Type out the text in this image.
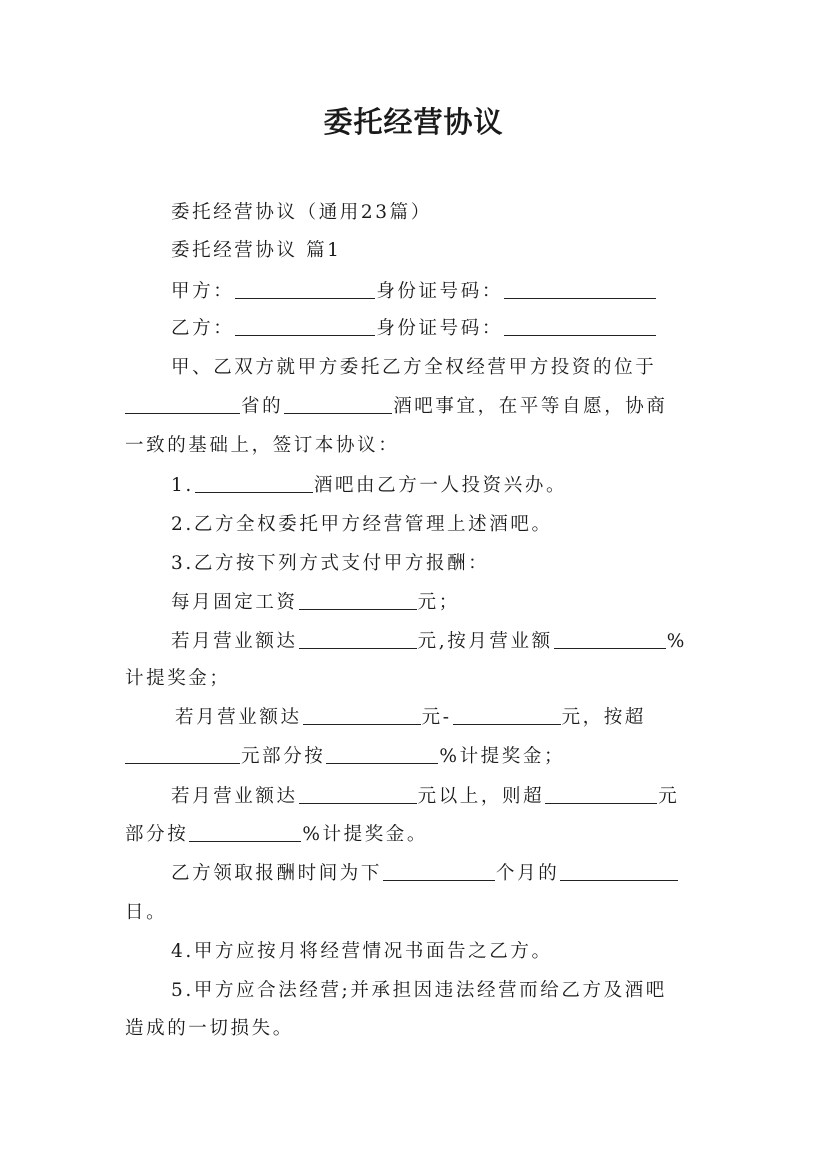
委托经营协议
委托经营协议（通用23篇）
委托经营协议 篇1
甲方：	身份证号码：
乙方：	身份证号码：
甲、乙双方就甲方委托乙方全权经营甲方投资的位于
省的	酒吧事宜，在平等自愿，协商
一致的基础上，签订本协议：
1.	酒吧由乙方一人投资兴办。
2.乙方全权委托甲方经营管理上述酒吧。
3.乙方按下列方式支付甲方报酬：
每月固定工资	元；
若月营业额达	元,按月营业额	%
计提奖金；
若月营业额达	元-	元，按超
元部分按	%计提奖金；
若月营业额达	元以上，则超	元
部分按	%计提奖金。
乙方领取报酬时间为下	个月的
日。
4.甲方应按月将经营情况书面告之乙方。
5.甲方应合法经营;并承担因违法经营而给乙方及酒吧
造成的一切损失。
